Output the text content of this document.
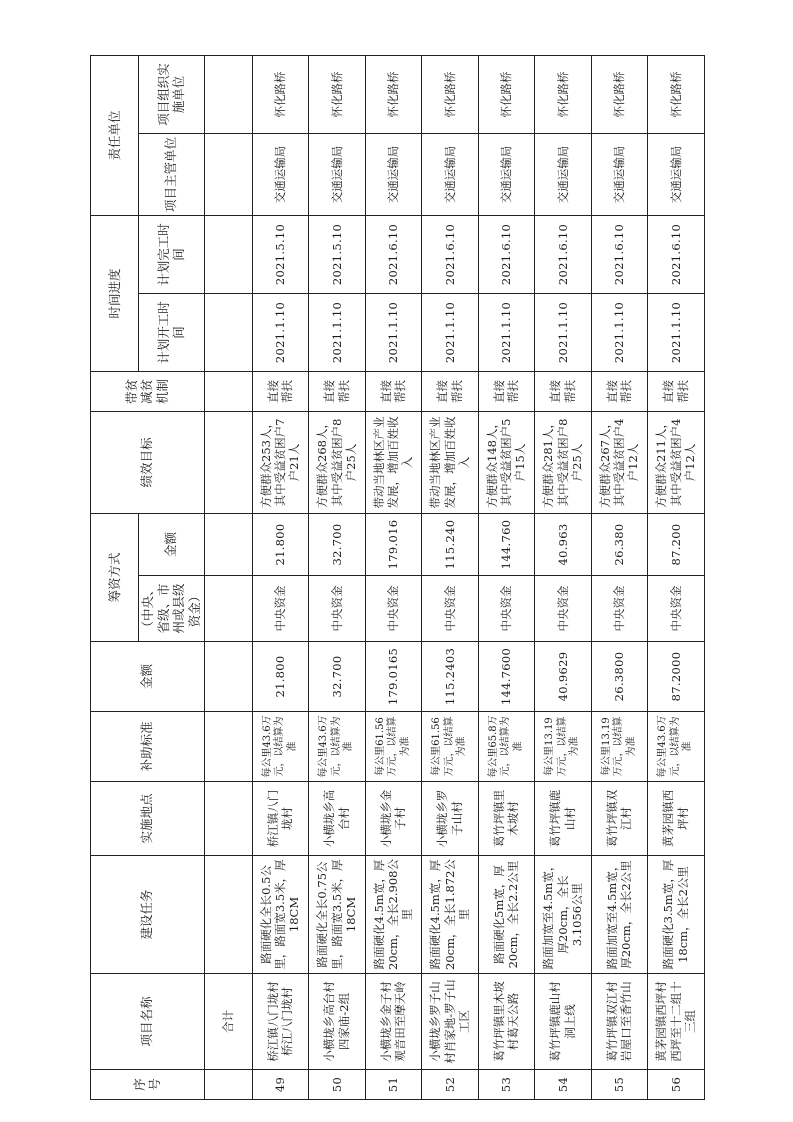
序号	项目名称	建设任务	实施地点	补助标准	金额	筹资方式		绩效目标	带贫减贫机制	时间进度		责任单位	
						（中央、省级、市州或县级资金）	金额			计划开工时间	计划完工时间	项目主管单位	项目组织实施单位
	合计												
49	桥江镇八门垅村桥江八门垅村	路面硬化全长0.5公里，路面宽3.5米，厚18CM	桥江镇八门垅村	每公里43.6万元，以结算为准	21.800	中央资金	21.800	方便群众253人，其中受益贫困户7户21人	直接帮扶	2021.1.10	2021.5.10	交通运输局	怀化路桥
50	小横垅乡高台村四家庙-2组	路面硬化全长0.75公里，路面宽3.5米，厚18CM	小横垅乡高台村	每公里43.6万元，以结算为准	32.700	中央资金	32.700	方便群众268人，其中受益贫困户8户25人	直接帮扶	2021.1.10	2021.5.10	交通运输局	怀化路桥
51	小横垅乡金子村观音田至摩天岭	路面硬化4.5m宽，厚20cm，全长2.908公里	小横垅乡金子村	每公里61.56万元，以结算为准	179.0165	中央资金	179.016	带动当地林区产业发展，增加百姓收入	直接帮扶	2021.1.10	2021.6.10	交通运输局	怀化路桥
52	小横垅乡罗子山村肖家地-罗子山工区	路面硬化4.5m宽，厚20cm，全长1.872公里	小横垅乡罗子山村	每公里61.56万元，以结算为准	115.2403	中央资金	115.240	带动当地林区产业发展，增加百姓收入	直接帮扶	2021.1.10	2021.6.10	交通运输局	怀化路桥
53	葛竹坪镇里木坡村葛天公路	路面硬化5m宽，厚20cm，全长2.2公里	葛竹坪镇里木坡村	每公里65.8万元，以结算为准	144.7600	中央资金	144.760	方便群众148人，其中受益贫困户5户15人	直接帮扶	2021.1.10	2021.6.10	交通运输局	怀化路桥
54	葛竹坪镇鹿山村洞上线	路面加宽至4.5m宽，厚20cm，全长3.1056公里	葛竹坪镇鹿山村	每公里13.19万元，以结算为准	40.9629	中央资金	40.963	方便群众281人，其中受益贫困户8户25人	直接帮扶	2021.1.10	2021.6.10	交通运输局	怀化路桥
55	葛竹坪镇双江村岩屋口至香竹山	路面加宽至4.5m宽，厚20cm，全长2公里	葛竹坪镇双江村	每公里13.19万元，以结算为准	26.3800	中央资金	26.380	方便群众267人，其中受益贫困户4户12人	直接帮扶	2021.1.10	2021.6.10	交通运输局	怀化路桥
56	黄茅园镇西坪村西坪至十二组十三组	路面硬化3.5m宽，厚18cm，全长2公里	黄茅园镇西坪村	每公里43.6万元，以结算为准	87.2000	中央资金	87.200	方便群众211人，其中受益贫困户4户12人	直接帮扶	2021.1.10	2021.6.10	交通运输局	怀化路桥
